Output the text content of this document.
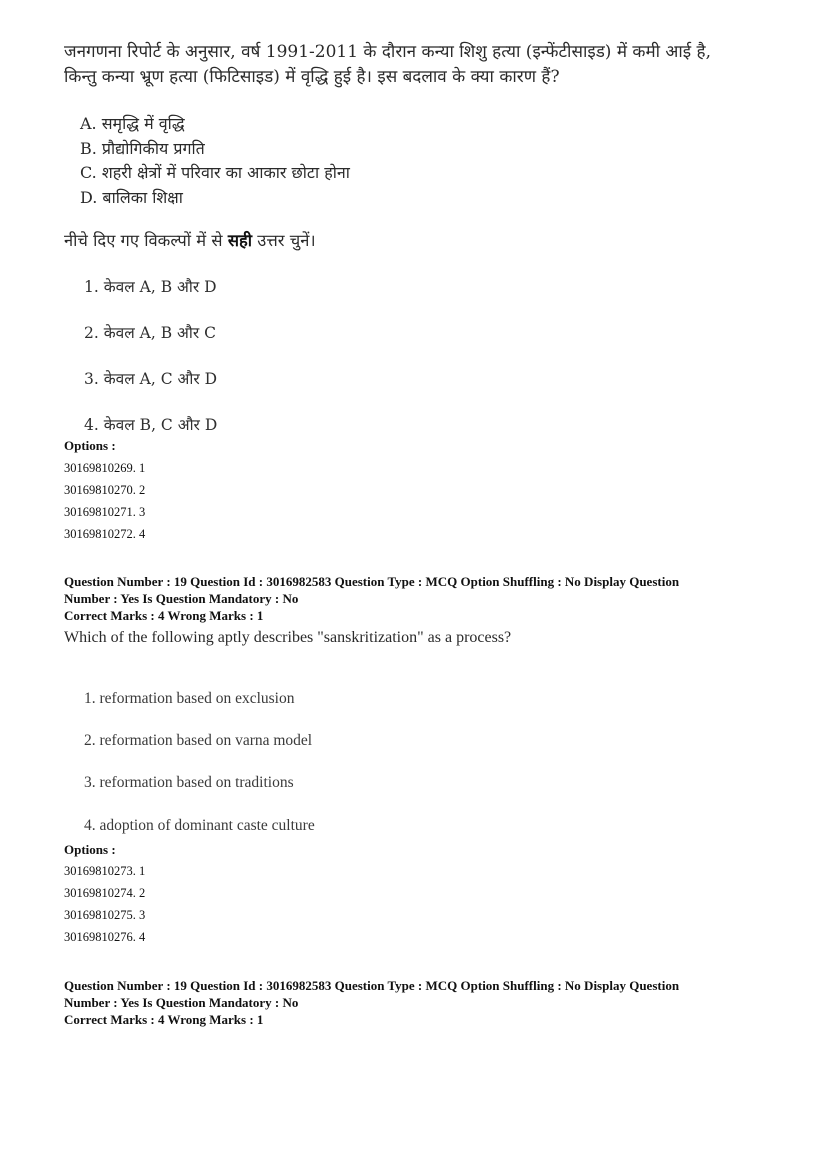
जनगणना रिपोर्ट के अनुसार, वर्ष 1991-2011 के दौरान कन्या शिशु हत्या (इन्फेंटीसाइड) में कमी आई है,
किन्तु कन्या भ्रूण हत्या (फिटिसाइड) में वृद्धि हुई है। इस बदलाव के क्या कारण हैं?
A. समृद्धि में वृद्धि
B. प्रौद्योगिकीय प्रगति
C. शहरी क्षेत्रों में परिवार का आकार छोटा होना
D. बालिका शिक्षा
नीचे दिए गए विकल्पों में से सही उत्तर चुनें।
1. केवल A, B और D
2. केवल A, B और C
3. केवल A, C और D
4. केवल B, C और D
Options :
30169810269. 1
30169810270. 2
30169810271. 3
30169810272. 4
Question Number : 19 Question Id : 3016982583 Question Type : MCQ Option Shuffling : No Display Question
Number : Yes Is Question Mandatory : No
Correct Marks : 4 Wrong Marks : 1
Which of the following aptly describes "sanskritization" as a process?
1. reformation based on exclusion
2. reformation based on varna model
3. reformation based on traditions
4. adoption of dominant caste culture
Options :
30169810273. 1
30169810274. 2
30169810275. 3
30169810276. 4
Question Number : 19 Question Id : 3016982583 Question Type : MCQ Option Shuffling : No Display Question
Number : Yes Is Question Mandatory : No
Correct Marks : 4 Wrong Marks : 1
